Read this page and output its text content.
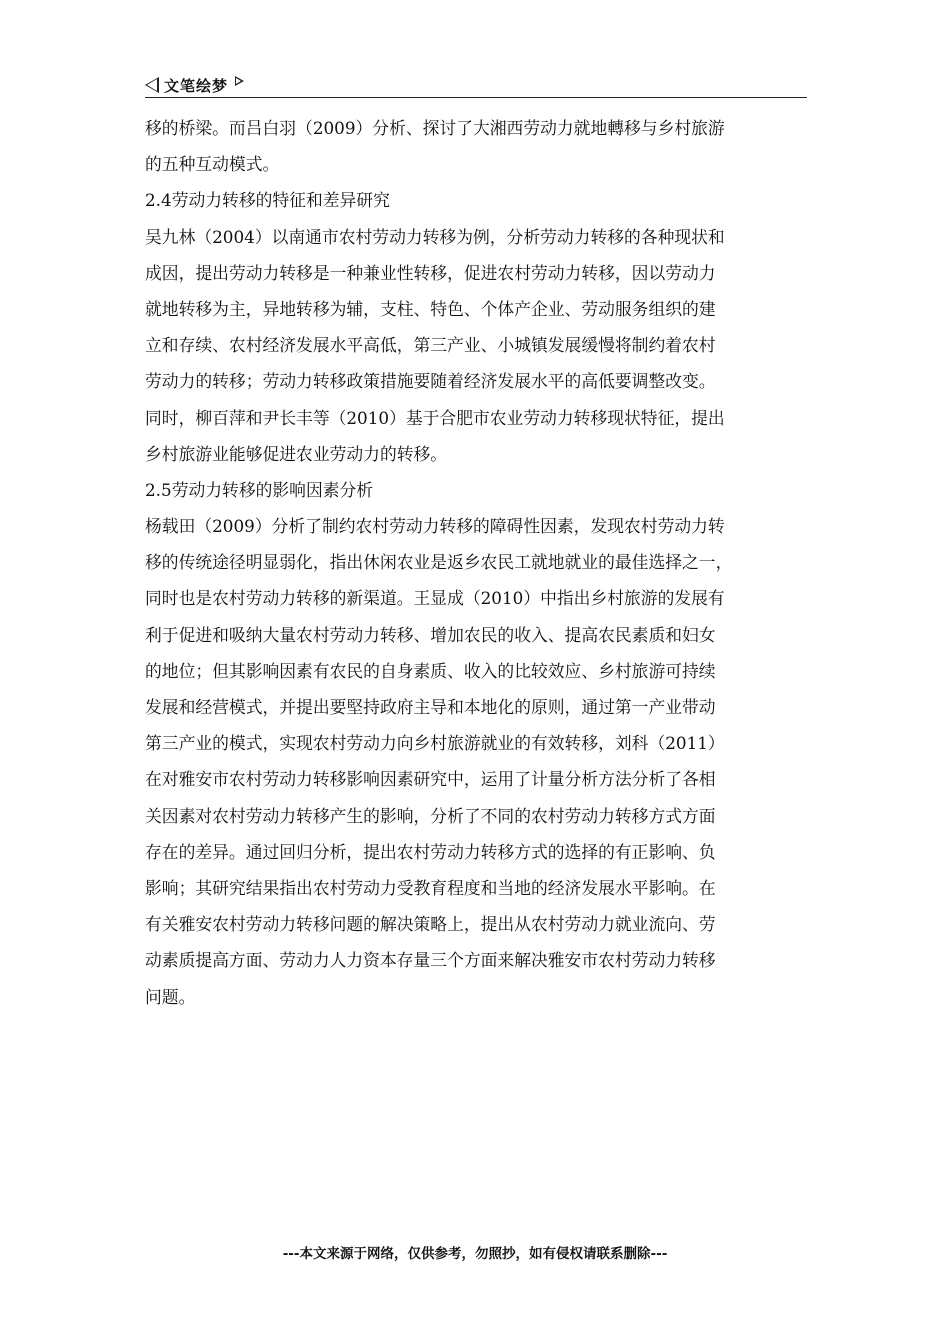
文笔绘梦
移的桥梁。而吕白羽（2009）分析、探讨了大湘西劳动力就地轉移与乡村旅游
的五种互动模式。
2.4劳动力转移的特征和差异研究
吴九林（2004）以南通市农村劳动力转移为例，分析劳动力转移的各种现状和
成因，提出劳动力转移是一种兼业性转移，促进农村劳动力转移，因以劳动力
就地转移为主，异地转移为辅，支柱、特色、个体产企业、劳动服务组织的建
立和存续、农村经济发展水平高低，第三产业、小城镇发展缓慢将制约着农村
劳动力的转移；劳动力转移政策措施要随着经济发展水平的高低要调整改变。
同时，柳百萍和尹长丰等（2010）基于合肥市农业劳动力转移现状特征，提出
乡村旅游业能够促进农业劳动力的转移。
2.5劳动力转移的影响因素分析
杨载田（2009）分析了制约农村劳动力转移的障碍性因素，发现农村劳动力转
移的传统途径明显弱化，指出休闲农业是返乡农民工就地就业的最佳选择之一，
同时也是农村劳动力转移的新渠道。王显成（2010）中指出乡村旅游的发展有
利于促进和吸纳大量农村劳动力转移、增加农民的收入、提高农民素质和妇女
的地位；但其影响因素有农民的自身素质、收入的比较效应、乡村旅游可持续
发展和经营模式，并提出要堅持政府主导和本地化的原则，通过第一产业带动
第三产业的模式，实现农村劳动力向乡村旅游就业的有效转移，刘科（2011）
在对雅安市农村劳动力转移影响因素研究中，运用了计量分析方法分析了各相
关因素对农村劳动力转移产生的影响，分析了不同的农村劳动力转移方式方面
存在的差异。通过回归分析，提出农村劳动力转移方式的选择的有正影响、负
影响；其研究结果指出农村劳动力受教育程度和当地的经济发展水平影响。在
有关雅安农村劳动力转移问题的解决策略上，提出从农村劳动力就业流向、劳
动素质提高方面、劳动力人力资本存量三个方面来解决雅安市农村劳动力转移
问题。
---本文来源于网络，仅供参考，勿照抄，如有侵权请联系删除---
